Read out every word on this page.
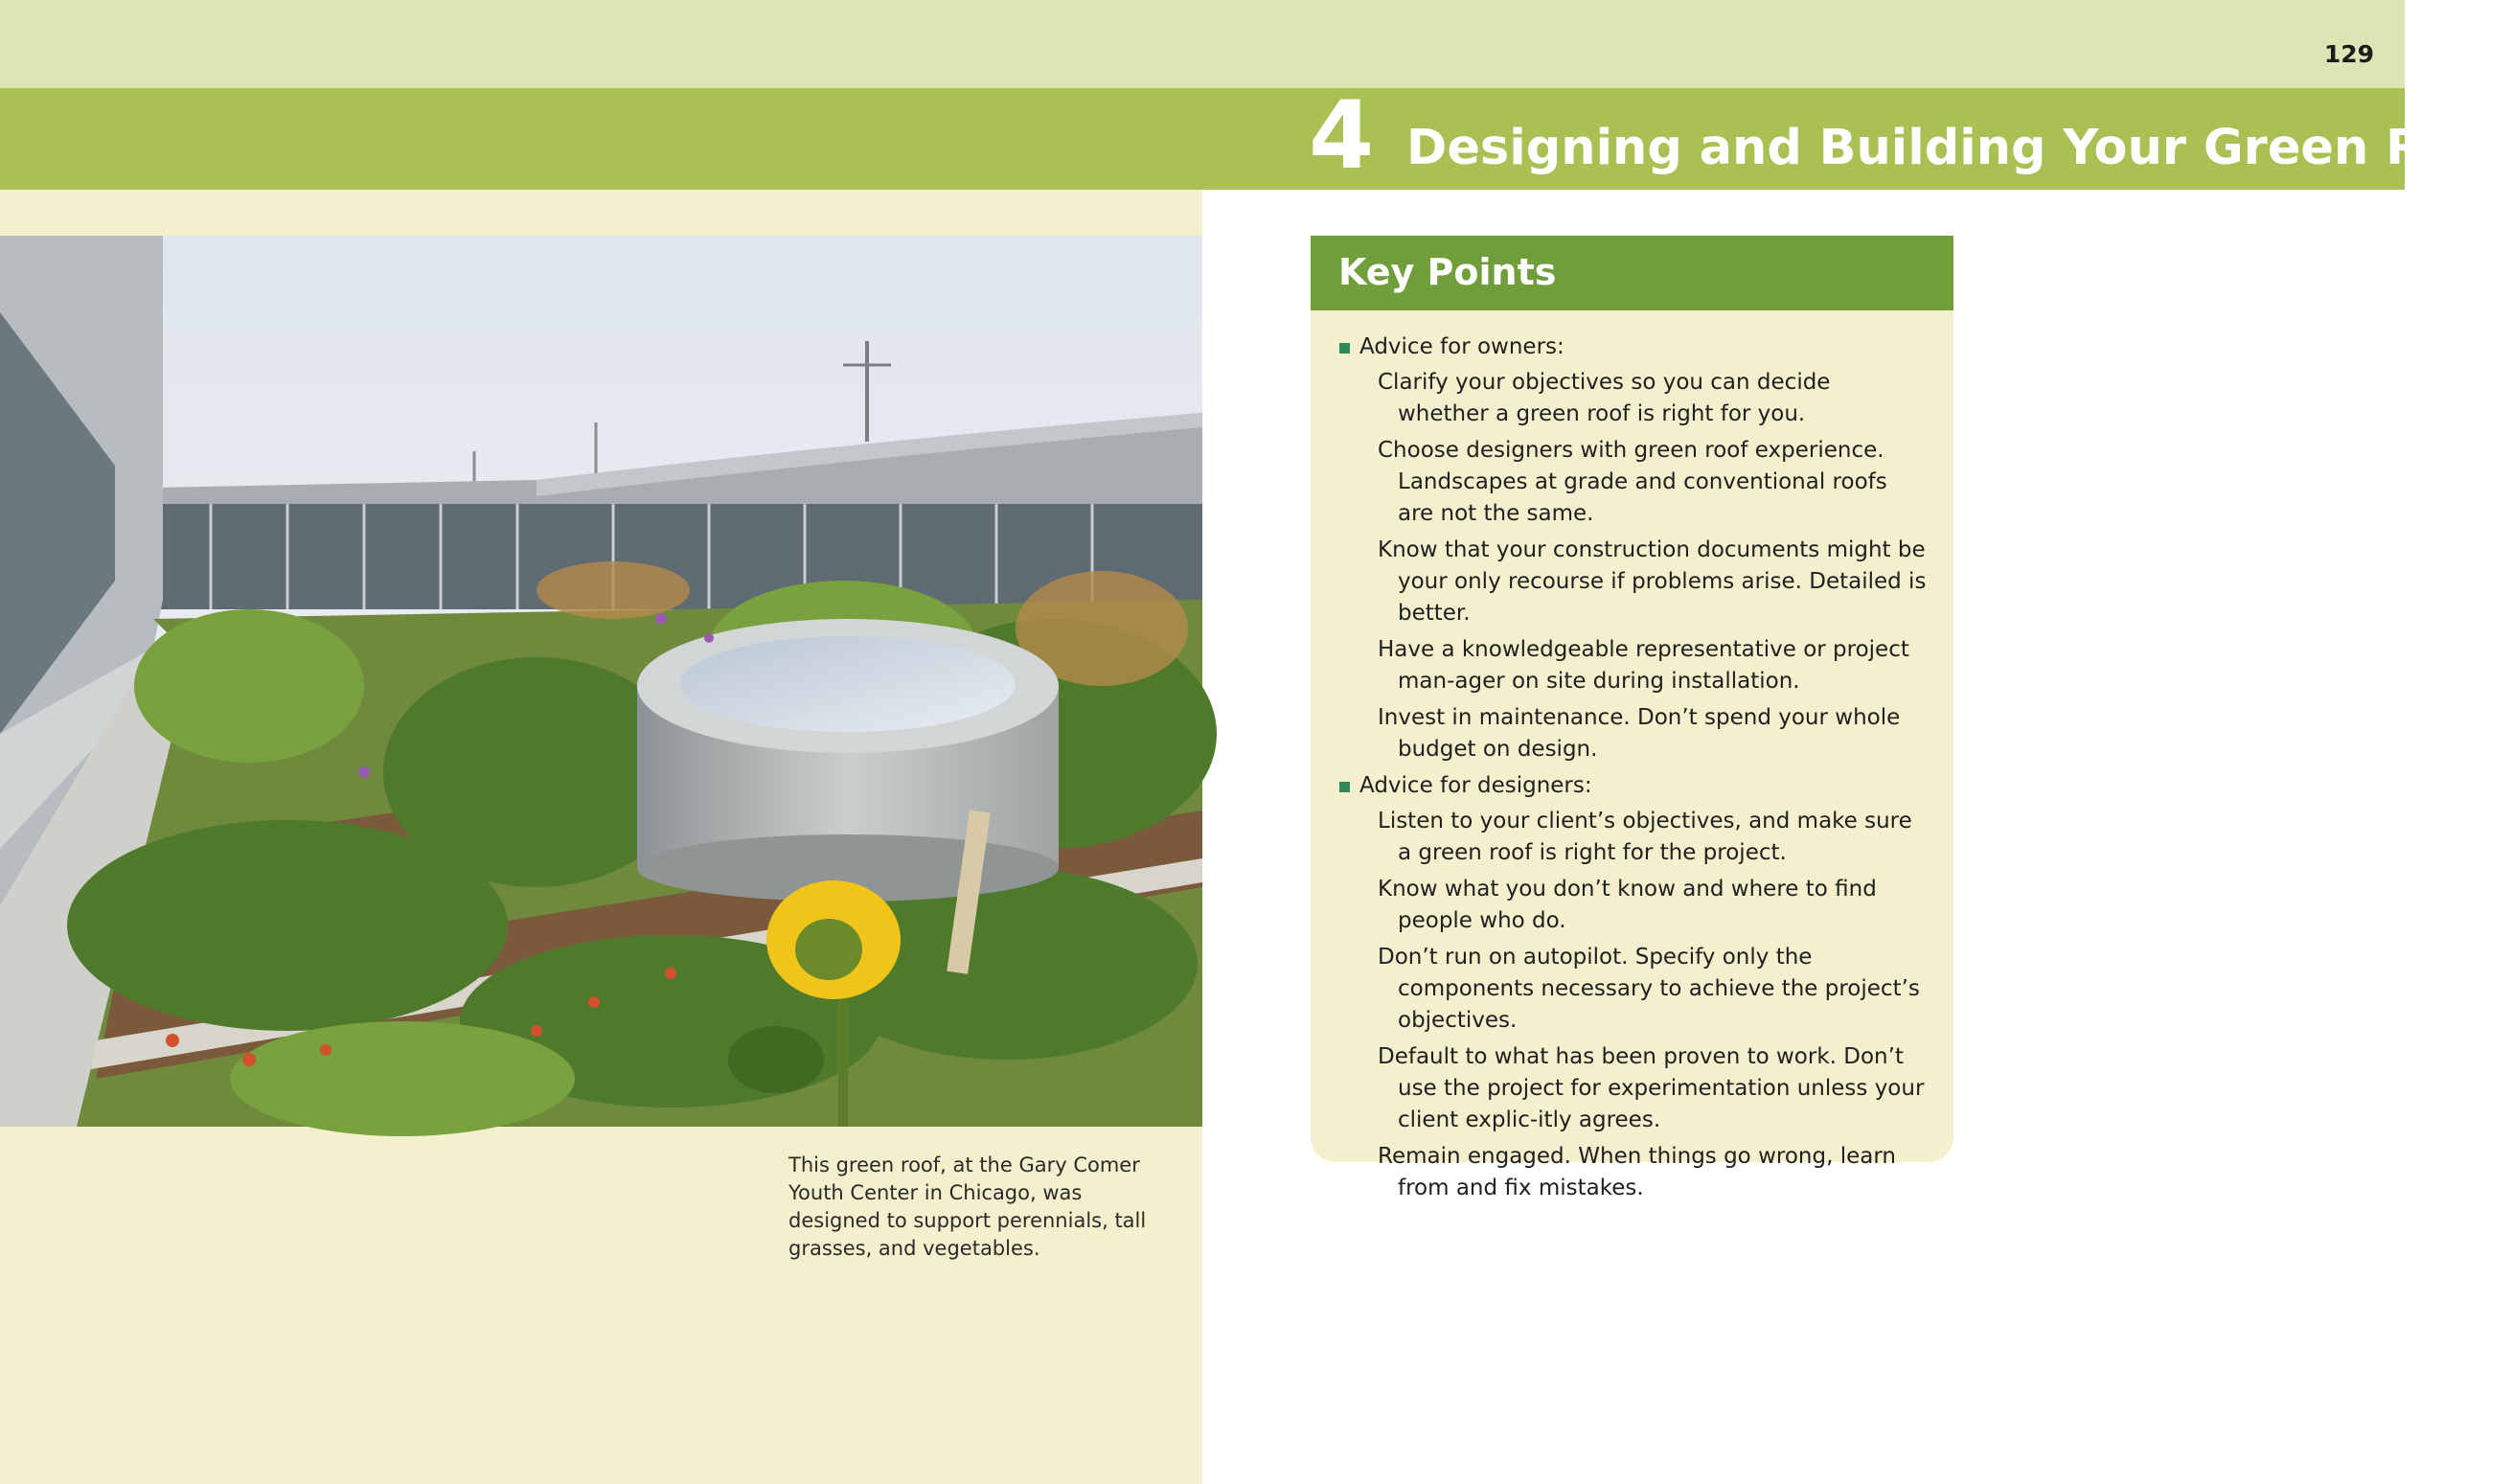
129
4 Designing and Building Your Green Roof
This green roof, at the Gary Comer Youth Center in Chicago, was designed to support perennials, tall grasses, and vegetables.
Key Points
Advice for owners:
Clarify your objectives so you can decide whether a green roof is right for you.
Choose designers with green roof experience. Landscapes at grade and conventional roofs are not the same.
Know that your construction documents might be your only recourse if problems arise. Detailed is better.
Have a knowledgeable representative or project man-ager on site during installation.
Invest in maintenance. Don’t spend your whole budget on design.
Advice for designers:
Listen to your client’s objectives, and make sure a green roof is right for the project.
Know what you don’t know and where to find people who do.
Don’t run on autopilot. Specify only the components necessary to achieve the project’s objectives.
Default to what has been proven to work. Don’t use the project for experimentation unless your client explic-itly agrees.
Remain engaged. When things go wrong, learn from and fix mistakes.
